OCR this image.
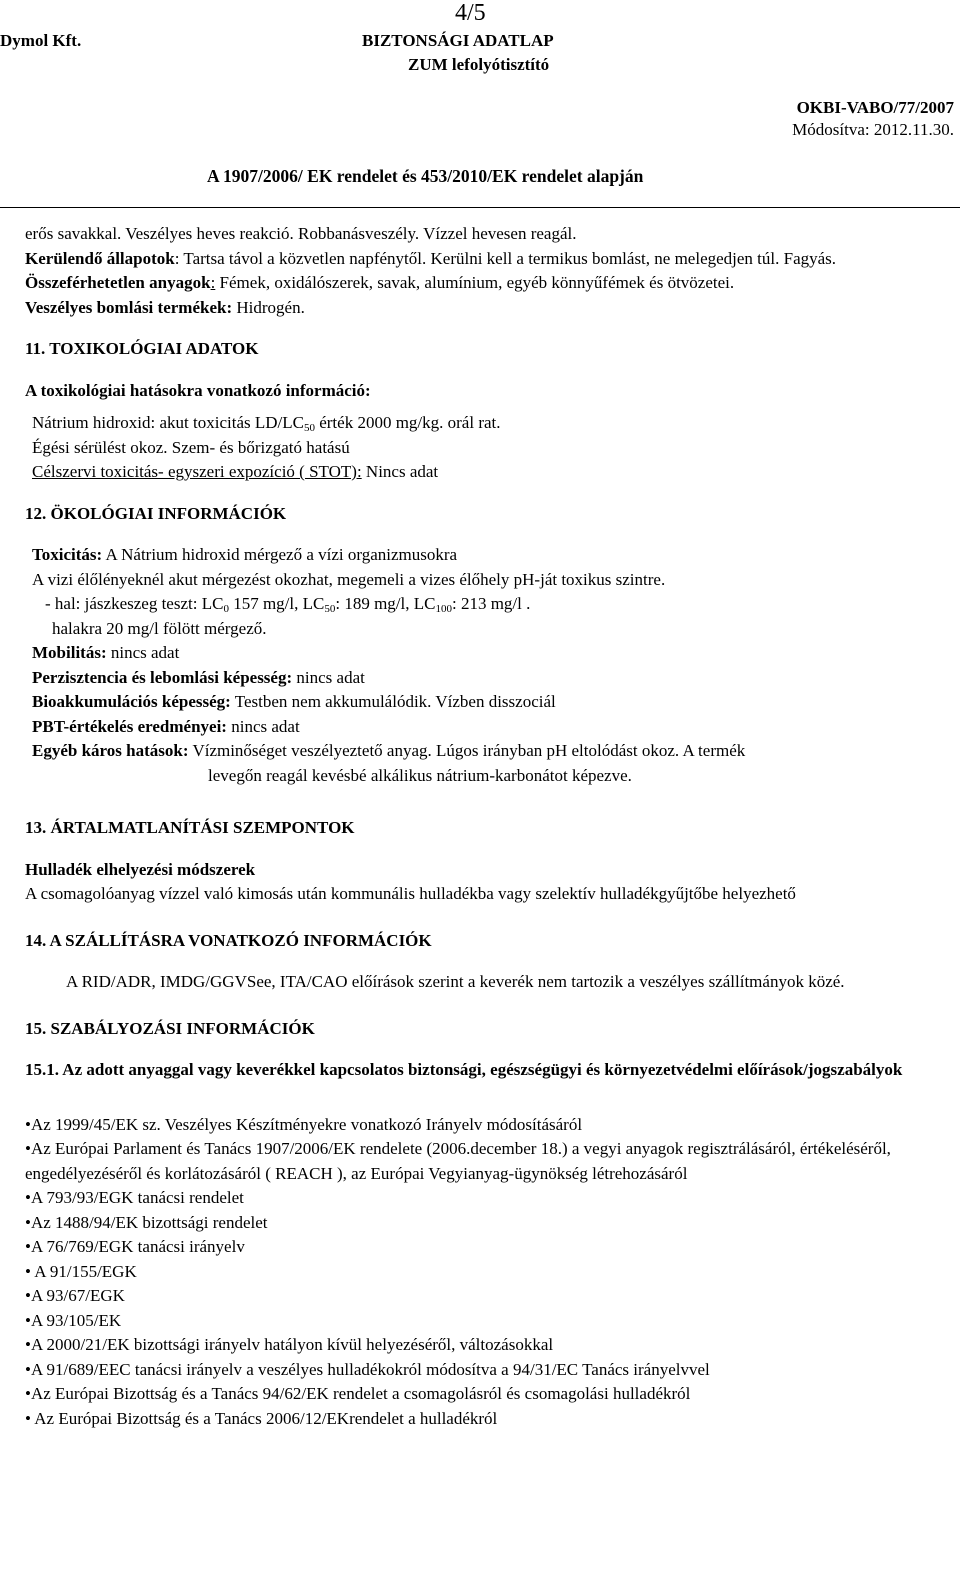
4/5
Dymol Kft.	BIZTONSÁGI ADATLAP
ZUM lefolyótisztító
OKBI-VABO/77/2007
Módosítva: 2012.11.30.
A 1907/2006/ EK rendelet és 453/2010/EK rendelet alapján

erős savakkal. Veszélyes heves reakció. Robbanásveszély. Vízzel hevesen reagál.

Kerülendő állapotok: Tartsa távol a közvetlen napfénytől. Kerülni kell a termikus bomlást, ne melegedjen túl. Fagyás.

Összeférhetetlen anyagok: Fémek, oxidálószerek, savak, alumínium, egyéb könnyűfémek és ötvözetei.

Veszélyes bomlási termékek: Hidrogén.

11. TOXIKOLÓGIAI ADATOK

A toxikológiai hatásokra vonatkozó információ:

Nátrium hidroxid: akut toxicitás $LD/LC_{50}$ érték 2000 mg/kg. orál rat.

Égési sérülést okoz. Szem- és bőrizgató hatású

Célszervi toxicitás- egyszeri expozíció ( STOT): Nincs adat

12. ÖKOLÓGIAI INFORMÁCIÓK

Toxicitás: A Nátrium hidroxid mérgező a vízi organizmusokra

A vizi élőlényeknél akut mérgezést okozhat, megemeli a vizes élőhely pH-ját toxikus szintre.

- hal: jászkeszeg teszt: $LC_0$ 157 mg/l, $LC_{50}$: 189 mg/l, $LC_{100}$: 213 mg/l .

halakra 20 mg/l fölött mérgező.

Mobilitás: nincs adat

Perzisztencia és lebomlási képesség: nincs adat

Bioakkumulációs képesség: Testben nem akkumulálódik. Vízben disszociál

PBT-értékelés eredményei: nincs adat

Egyéb káros hatások: Vízminőséget veszélyeztető anyag. Lúgos irányban pH eltolódást okoz. A termék

levegőn reagál kevésbé alkálikus nátrium-karbonátot képezve.

13. ÁRTALMATLANÍTÁSI SZEMPONTOK

Hulladék elhelyezési módszerek

A csomagolóanyag vízzel való kimosás után kommunális hulladékba vagy szelektív hulladékgyűjtőbe helyezhető

14. A SZÁLLÍTÁSRA VONATKOZÓ INFORMÁCIÓK

A RID/ADR, IMDG/GGVSee, ITA/CAO előírások szerint a keverék nem tartozik a veszélyes szállítmányok közé.

15. SZABÁLYOZÁSI INFORMÁCIÓK

15.1. Az adott anyaggal vagy keverékkel kapcsolatos biztonsági, egészségügyi és környezetvédelmi előírások/jogszabályok

• Az 1999/45/EK sz. Veszélyes Készítményekre vonatkozó Irányelv módosításáról
• Az Európai Parlament és Tanács 1907/2006/EK rendelete (2006.december 18.) a vegyi anyagok regisztrálásáról, értékeléséről, engedélyezéséről és korlátozásáról ( REACH ), az Európai Vegyianyag-ügynökség létrehozásáról
• A 793/93/EGK tanácsi rendelet
• Az 1488/94/EK bizottsági rendelet
• A 76/769/EGK tanácsi irányelv
• A 91/155/EGK
• A 93/67/EGK
• A 93/105/EK
• A 2000/21/EK bizottsági irányelv hatályon kívül helyezéséről, változásokkal
• A 91/689/EEC tanácsi irányelv a veszélyes hulladékokról módosítva a 94/31/EC Tanács irányelvvel
• Az Európai Bizottság és a Tanács 94/62/EK rendelet a csomagolásról és csomagolási hulladékról
• Az Európai Bizottság és a Tanács 2006/12/EKrendelet a hulladékról
